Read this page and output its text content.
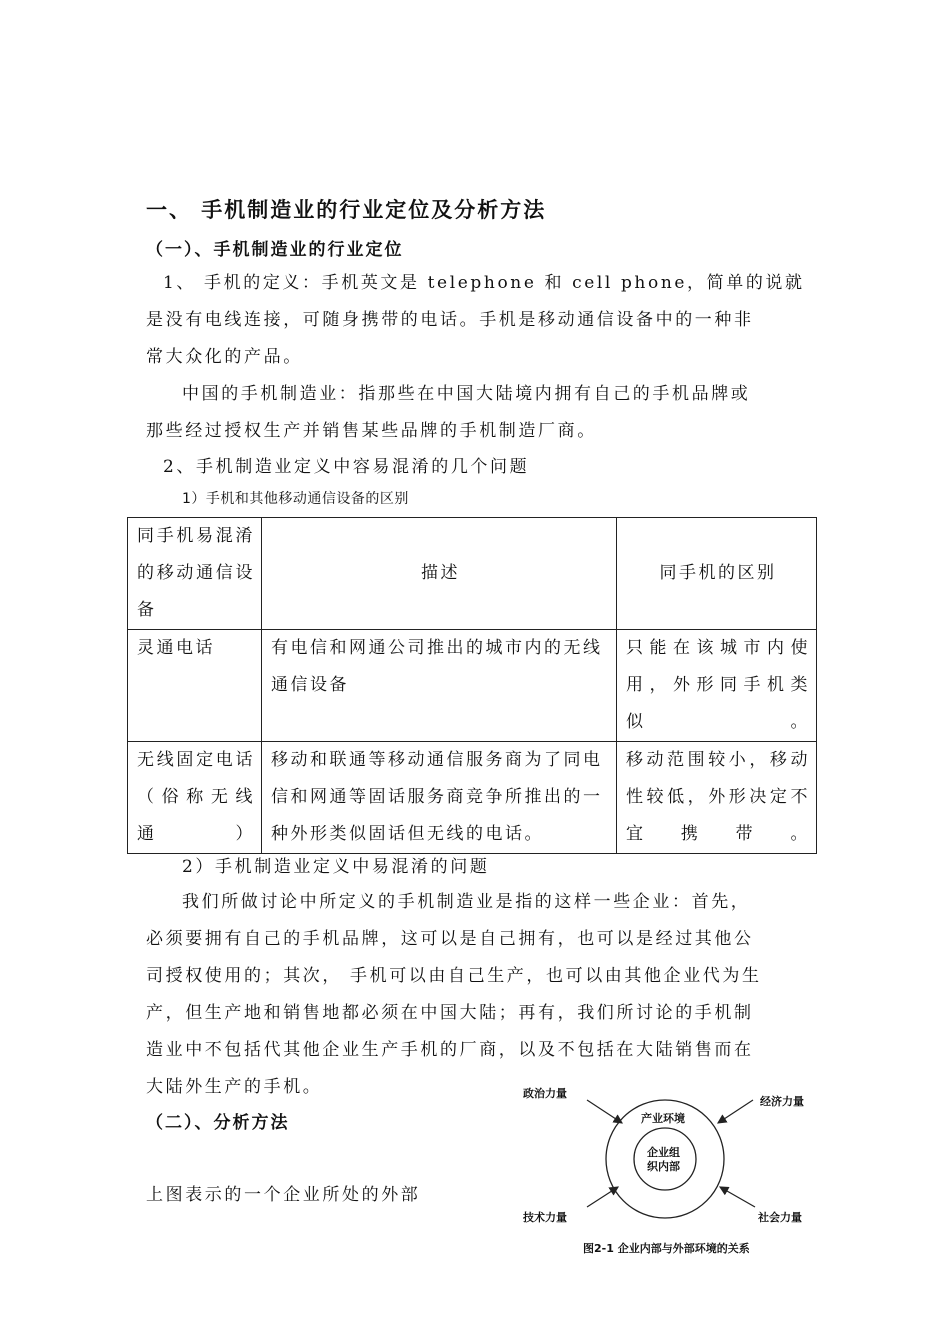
一、 手机制造业的行业定位及分析方法
（一）、手机制造业的行业定位
1、 手机的定义：手机英文是 telephone 和 cell phone，简单的说就
是没有电线连接，可随身携带的电话。手机是移动通信设备中的一种非
常大众化的产品。
中国的手机制造业：指那些在中国大陆境内拥有自己的手机品牌或
那些经过授权生产并销售某些品牌的手机制造厂商。
2、手机制造业定义中容易混淆的几个问题
1）手机和其他移动通信设备的区别
同手机易混淆的移动通信设备	描述	同手机的区别
灵通电话	有电信和网通公司推出的城市内的无线通信设备	只能在该城市内使用，外形同手机类似。
无线固定电话（俗称无线通）	移动和联通等移动通信服务商为了同电信和网通等固话服务商竞争所推出的一种外形类似固话但无线的电话。	移动范围较小，移动性较低，外形决定不宜携带。
2）手机制造业定义中易混淆的问题
我们所做讨论中所定义的手机制造业是指的这样一些企业：首先，
必须要拥有自己的手机品牌，这可以是自己拥有，也可以是经过其他公
司授权使用的；其次， 手机可以由自己生产，也可以由其他企业代为生
产，但生产地和销售地都必须在中国大陆；再有，我们所讨论的手机制
造业中不包括代其他企业生产手机的厂商，以及不包括在大陆销售而在
大陆外生产的手机。
（二）、分析方法
上图表示的一个企业所处的外部
政治力量
经济力量
技术力量	社会力量
产业环境
企业组
织内部
图2-1 企业内部与外部环境的关系
